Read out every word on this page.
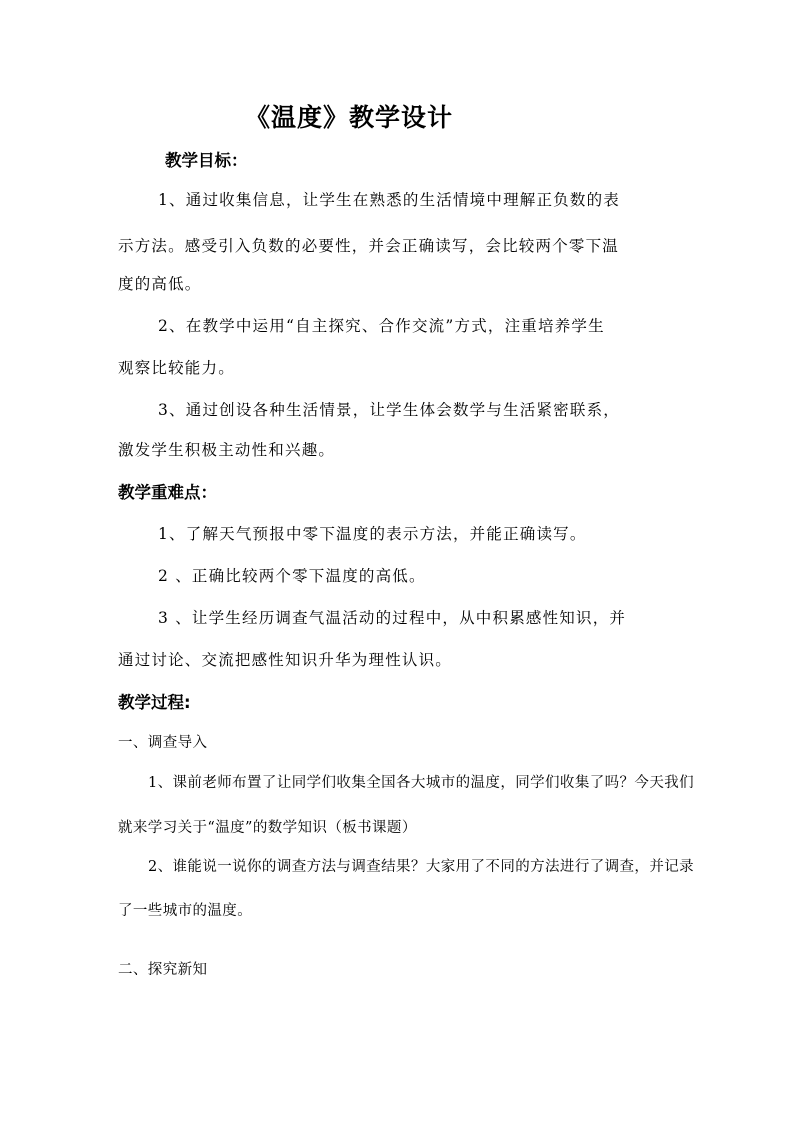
《温度》教学设计
教学目标：
1、通过收集信息，让学生在熟悉的生活情境中理解正负数的表
示方法。感受引入负数的必要性，并会正确读写，会比较两个零下温
度的高低。
2、在教学中运用“自主探究、合作交流”方式，注重培养学生
观察比较能力。
3、通过创设各种生活情景，让学生体会数学与生活紧密联系，
激发学生积极主动性和兴趣。
教学重难点：
1、了解天气预报中零下温度的表示方法，并能正确读写。
2 、正确比较两个零下温度的高低。
3 、让学生经历调查气温活动的过程中，从中积累感性知识，并
通过讨论、交流把感性知识升华为理性认识。
教学过程:
一、调查导入
1、课前老师布置了让同学们收集全国各大城市的温度，同学们收集了吗？今天我们
就来学习关于“温度”的数学知识（板书课题）
2、谁能说一说你的调查方法与调查结果？大家用了不同的方法进行了调查，并记录
了一些城市的温度。
二、探究新知
